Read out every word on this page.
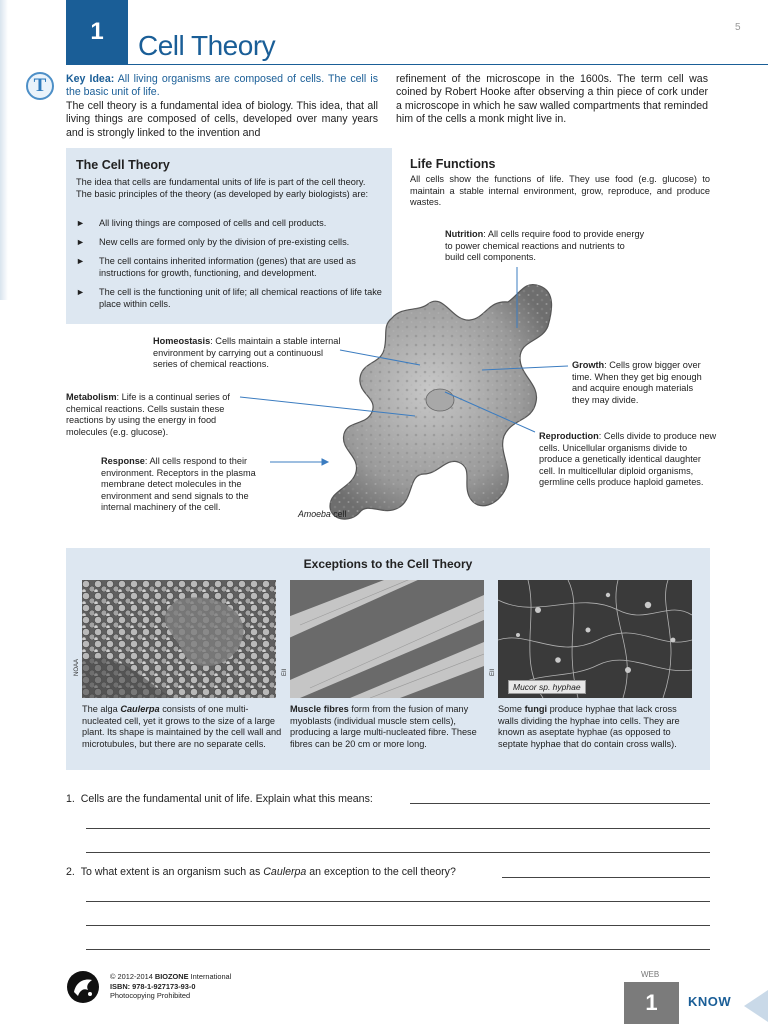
1	Cell Theory
5
T	Key Idea: All living organisms are composed of cells. The cell is the basic unit of life.
The cell theory is a fundamental idea of biology. This idea, that all living things are composed of cells, developed over many years and is strongly linked to the invention and
refinement of the microscope in the 1600s. The term cell was coined by Robert Hooke after observing a thin piece of cork under a microscope in which he saw walled compartments that reminded him of the cells a monk might live in.
The Cell Theory
The idea that cells are fundamental units of life is part of the cell theory. The basic principles of the theory (as developed by early biologists) are:
►	All living things are composed of cells and cell products.
►	New cells are formed only by the division of pre-existing cells.
►	The cell contains inherited information (genes) that are used as instructions for growth, functioning, and development.
►	The cell is the functioning unit of life; all chemical reactions of life take place within cells.
Life Functions
All cells show the functions of life. They use food (e.g. glucose) to maintain a stable internal environment, grow, reproduce, and produce wastes.
Nutrition: All cells require food to provide energy to power chemical reactions and nutrients to build cell components.
Homeostasis: Cells maintain a stable internal environment by carrying out a continuousl series of chemical reactions.	Growth: Cells grow bigger over time. When they get big enough and acquire enough materials they may divide.
Metabolism: Life is a continual series of chemical reactions. Cells sustain these reactions by using the energy in food molecules (e.g. glucose).	Reproduction: Cells divide to produce new cells. Unicellular organisms divide to produce a genetically identical daughter cell. In multicellular diploid organisms, germline cells produce haploid gametes.
Response: All cells respond to their environment. Receptors in the plasma membrane detect molecules in the environment and send signals to the internal machinery of the cell.
Amoeba cell
Exceptions to the Cell Theory
NOAA	EII	EII
Mucor sp. hyphae
The alga Caulerpa consists of one multi-nucleated cell, yet it grows to the size of a large plant. Its shape is maintained by the cell wall and microtubules, but there are no separate cells.
Muscle fibres form from the fusion of many myoblasts (individual muscle stem cells), producing a large multi-nucleated fibre. These fibres can be 20 cm or more long.
Some fungi produce hyphae that lack cross walls dividing the hyphae into cells. They are known as aseptate hyphae (as opposed to septate hyphae that do contain cross walls).
1. Cells are the fundamental unit of life. Explain what this means:
2. To what extent is an organism such as Caulerpa an exception to the cell theory?
© 2012-2014 BIOZONE International
ISBN: 978-1-927173-93-0
Photocopying Prohibited
WEB
1	KNOW
